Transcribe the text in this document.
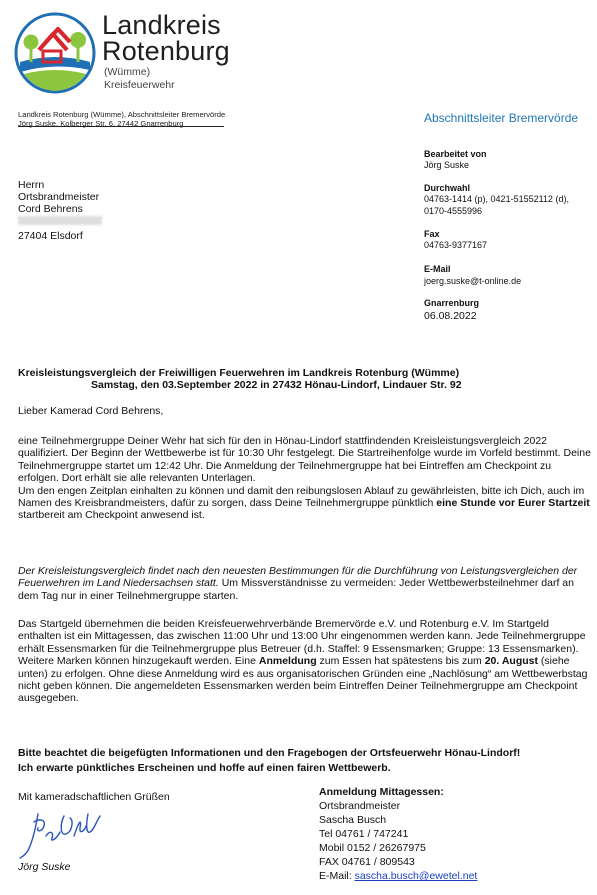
Landkreis
Rotenburg
(Wümme)
Kreisfeuerwehr
Landkreis Rotenburg (Wümme), Abschnittsleiter Bremervörde
Jörg Suske, Kolberger Str. 6, 27442 Gnarrenburg	Abschnittsleiter Bremervörde
Bearbeitet von
Jörg Suske
Durchwahl
04763-1414 (p), 0421-51552112 (d),
0170-4555996
Fax
04763-9377167
E-Mail
joerg.suske@t-online.de
Gnarrenburg
06.08.2022
Herrn
Ortsbrandmeister
Cord Behrens
27404 Elsdorf
Kreisleistungsvergleich der Freiwilligen Feuerwehren im Landkreis Rotenburg (Wümme)
Samstag, den 03.September 2022 in 27432 Hönau-Lindorf, Lindauer Str. 92
Lieber Kamerad Cord Behrens,
eine Teilnehmergruppe Deiner Wehr hat sich für den in Hönau-Lindorf stattfindenden Kreisleistungsvergleich 2022 qualifiziert. Der Beginn der Wettbewerbe ist für 10:30 Uhr festgelegt. Die Startreihenfolge wurde im Vorfeld bestimmt. Deine Teilnehmergruppe startet um 12:42 Uhr. Die Anmeldung der Teilnehmergruppe hat bei Eintreffen am Checkpoint zu erfolgen. Dort erhält sie alle relevanten Unterlagen.
Um den engen Zeitplan einhalten zu können und damit den reibungslosen Ablauf zu gewährleisten, bitte ich Dich, auch im Namen des Kreisbrandmeisters, dafür zu sorgen, dass Deine Teilnehmergruppe pünktlich eine Stunde vor Eurer Startzeit startbereit am Checkpoint anwesend ist.
Der Kreisleistungsvergleich findet nach den neuesten Bestimmungen für die Durchführung von Leistungsvergleichen der Feuerwehren im Land Niedersachsen statt. Um Missverständnisse zu vermeiden: Jeder Wettbewerbsteilnehmer darf an dem Tag nur in einer Teilnehmergruppe starten.
Das Startgeld übernehmen die beiden Kreisfeuerwehrverbände Bremervörde e.V. und Rotenburg e.V. Im Startgeld enthalten ist ein Mittagessen, das zwischen 11:00 Uhr und 13:00 Uhr eingenommen werden kann. Jede Teilnehmergruppe erhält Essensmarken für die Teilnehmergruppe plus Betreuer (d.h. Staffel: 9 Essensmarken; Gruppe: 13 Essensmarken). Weitere Marken können hinzugekauft werden. Eine Anmeldung zum Essen hat spätestens bis zum 20. August (siehe unten) zu erfolgen. Ohne diese Anmeldung wird es aus organisatorischen Gründen eine „Nachlösung“ am Wettbewerbstag nicht geben können. Die angemeldeten Essensmarken werden beim Eintreffen Deiner Teilnehmergruppe am Checkpoint ausgegeben.
Bitte beachtet die beigefügten Informationen und den Fragebogen der Ortsfeuerwehr Hönau-Lindorf!
Ich erwarte pünktliches Erscheinen und hoffe auf einen fairen Wettbewerb.
Mit kameradschaftlichen Grüßen
Jörg Suske
Anmeldung Mittagessen:
Ortsbrandmeister
Sascha Busch
Tel 04761 / 747241
Mobil 0152 / 26267975
FAX 04761 / 809543
E-Mail: sascha.busch@ewetel.net
